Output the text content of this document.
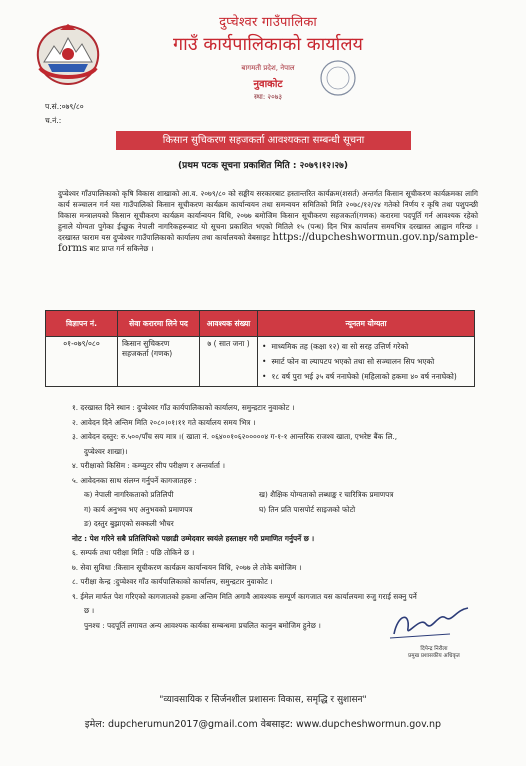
दुप्चेश्वर गाउँपालिका
गाउँ कार्यपालिकाको कार्यालय
बागमती प्रदेश, नेपाल
नुवाकोट
स्था: २०७३
प.सं.:०७९/८०
च.नं.:
किसान सुचिकरण सहजकर्ता आवश्यकता सम्बन्धी सूचना
(प्रथम पटक सूचना प्रकाशित मिति : २०७९।१२।२७)
दुप्चेश्वर गाँउपालिकाको कृषि विकास शाखाको आ.व. २०७९/८० को सङ्घीय सरकारबाट हस्तान्तरित कार्यक्रम(शसर्त) अन्तर्गत किसान सूचीकरण कार्यक्रमका लागि कार्य सञ्चालन गर्न यस गाउँपालिको किसान सूचीकरण कार्यक्रम कार्यान्वयन तथा समन्वयन समितिको मिति २०७८/१२/२४ गतेको निर्णय र कृषि तथा पशुपन्छी विकास मन्त्रालयको किसान सूचीकरण कार्यक्रम कार्यान्वयन विधि, २०७७ बमोजिम किसान सूचीकरण सहजकर्ता(गणक) करारमा पदपूर्ति गर्न आवश्यक रहेको हुनाले योग्यता पुगेका ईच्छुक नेपाली नागरिकहरूबाट यो सूचना प्रकाशित भएको मितिले १५ (पन्ध) दिन भित्र कार्यालय समयभित्र दरखास्त आह्वान गरिन्छ । दरखास्त फाराम यस दुप्चेश्वर गाउँपालिकाको कार्यालय तथा कार्यालयको वेबसाइट https://dupcheshwormun.gov.np/sample-forms बाट प्राप्त गर्न सकिनेछ ।
विज्ञापन नं.	सेवा करारमा लिने पद	आवश्यक संख्या	न्यूनतम योग्यता
०१-०७९/०८०	किसान सुचिकरण सहजकर्ता (गणक)	७ ( सात जना )	• माध्यमिक तह (कक्षा १२) वा सो सरह उत्तिर्ण गरेको
• स्मार्ट फोन वा ल्यापटप भएको तथा सो सञ्चालन सिप भएको
• १८ वर्ष पुरा भई ३५ वर्ष ननाघेको (महिलाको हकमा ४० वर्ष ननाघेको)
१. दरखास्त दिने स्थान : दुप्चेश्वर गाँउ कार्यपालिकाको कार्यालय, समुन्द्रटार नुवाकोट ।
२. आवेदन दिने अन्तिम मिति २०८०।०१।११ गते कार्यालय समय भित्र ।
३. आवेदन दस्तुर: रु.५००/पाँच सय मात्र ।( खाता नं. ०६४००१०६२०००००४ ग-१-१ आन्तरिक राजश्व खाता, एभरेष्ट बैंक लि.,
दुप्चेश्वर शाखा)।
४. परीक्षाको किसिम : कम्प्युटर सीप परीक्षण र अन्तर्वार्ता ।
५. आवेदनका साथ संलग्न गर्नुपर्ने कागजातहरु :
क) नेपाली नागरिकताको प्रतिलिपी	ख) शैक्षिक योग्यताको लब्धाङ्क र चारित्रिक प्रमाणपत्र
ग) कार्य अनुभव भए अनुभवको प्रमाणपत्र	घ) तिन प्रति पासपोर्ट साइजको फोटो
ङ) दस्तुर बुझाएको सक्कली भौचर
नोट : पेश गरिने सबै प्रतिलिपिको पछाडी उम्मेदवार स्वयंले हस्ताक्षर गरी प्रमाणित गर्नुपर्ने छ ।
६. सम्पर्क तथा परीक्षा मिति : पछि तोकिने छ ।
७. सेवा सुविधा :किसान सूचीकरण कार्यक्रम कार्यान्वयन विधि, २०७७ ले तोके बमोजिम ।
८. परीक्षा केन्द्र :दुप्चेश्वर गाँउ कार्यपालिकाको कार्यालय, समुन्द्रटार नुवाकोट ।
९. ईमेल मार्फत पेश गरिएको कागजातको हकमा अन्तिम मिति अगावै आवश्यक सम्पूर्ण कागजात यस कार्यालयमा रुजु गराई सक्नु पर्ने
छ ।
पुनश्च : पदपूर्ति लगायत अन्य आवश्यक कार्यका सम्बन्धमा प्रचलित कानुन बमोजिम हुनेछ ।
दिपेन्द्र निरौला
प्रमुख प्रशासकीय अधिकृत
"व्यावसायिक र सिर्जनशील प्रशासनः विकास, समृद्धि र सुशासन"
इमेल: dupcherumun2017@gmail.com वेबसाइट: www.dupcheshwormun.gov.np
